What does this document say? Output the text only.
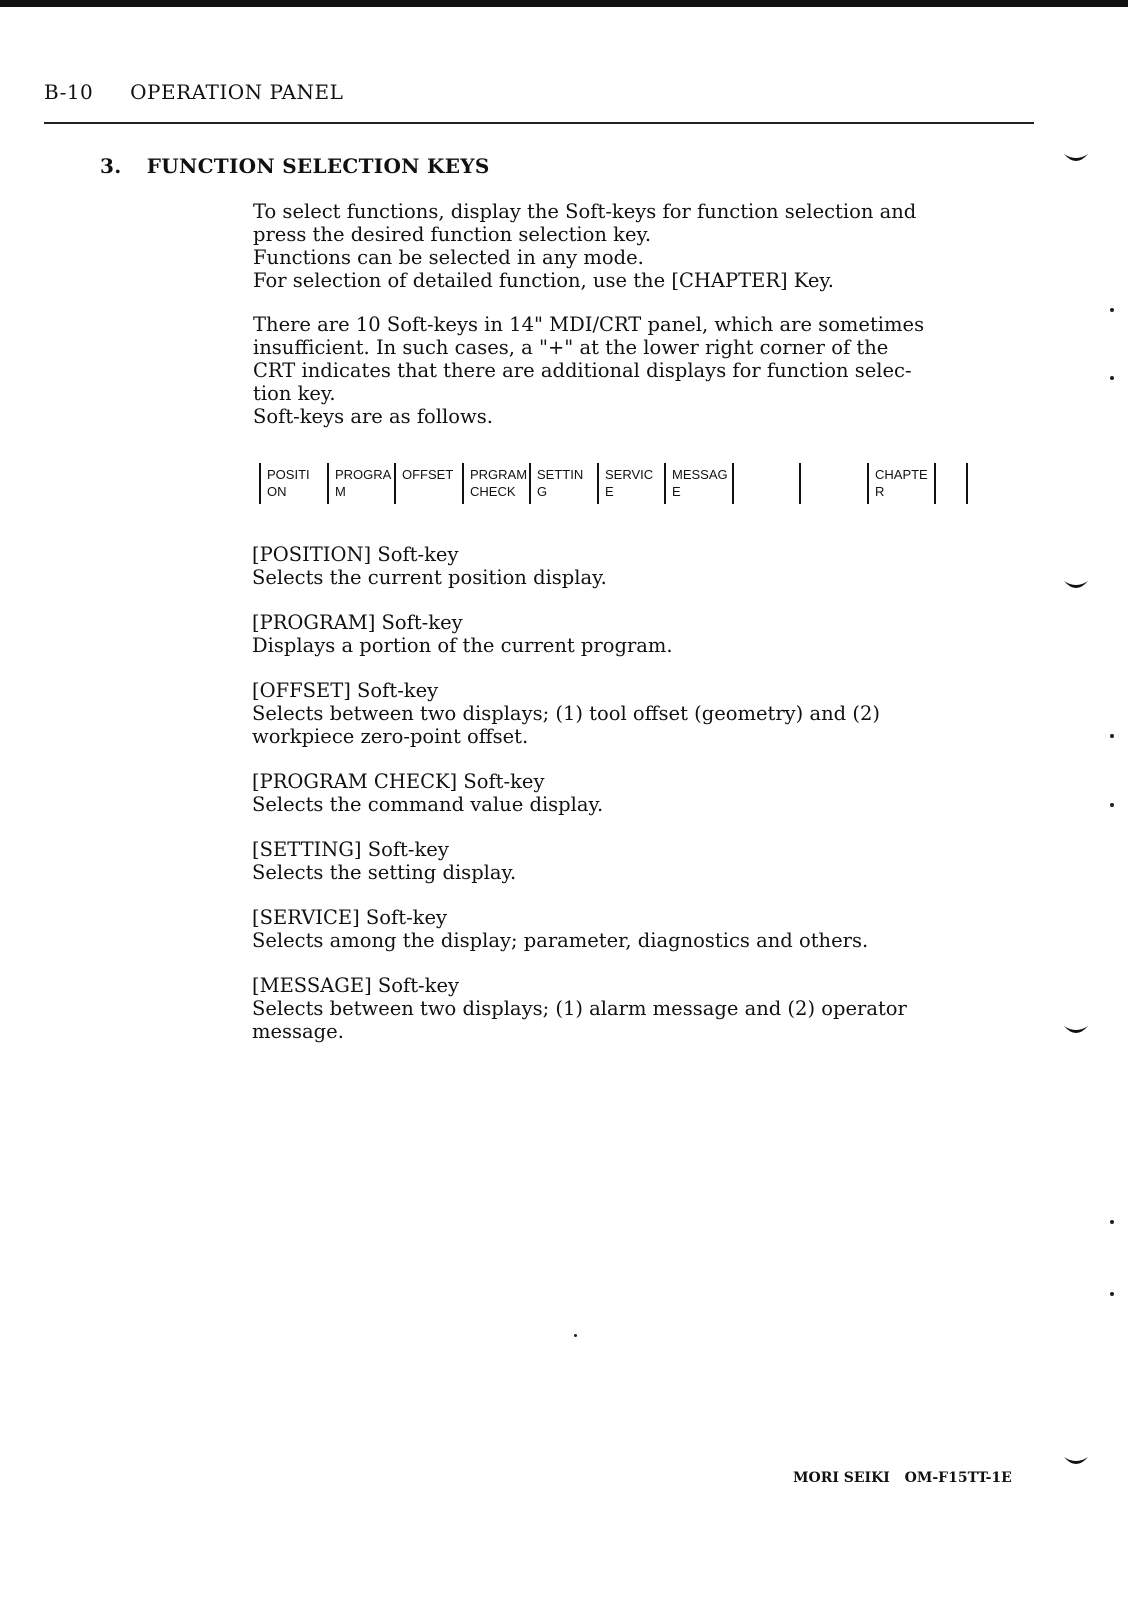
B-10 OPERATION PANEL
3. FUNCTION SELECTION KEYS

To select functions, display the Soft-keys for function selection and

press the desired function selection key.

Functions can be selected in any mode.

For selection of detailed function, use the [CHAPTER] Key.

There are 10 Soft-keys in 14" MDI/CRT panel, which are sometimes

insufficient. In such cases, a "+" at the lower right corner of the

CRT indicates that there are additional displays for function selec-

tion key.

Soft-keys are as follows.

POSITI
ON
PROGRA
M
OFFSET	PRGRAM
CHECK
SETTIN
G
SERVIC
E
MESSAG
E
CHAPTE
R
[POSITION] Soft-key
Selects the current position display.
[PROGRAM] Soft-key
Displays a portion of the current program.
[OFFSET] Soft-key
Selects between two displays; (1) tool offset (geometry) and (2)
workpiece zero-point offset.
[PROGRAM CHECK] Soft-key
Selects the command value display.
[SETTING] Soft-key
Selects the setting display.
[SERVICE] Soft-key
Selects among the display; parameter, diagnostics and others.
[MESSAGE] Soft-key
Selects between two displays; (1) alarm message and (2) operator
message.
MORI SEIKI OM-F15TT-1E
